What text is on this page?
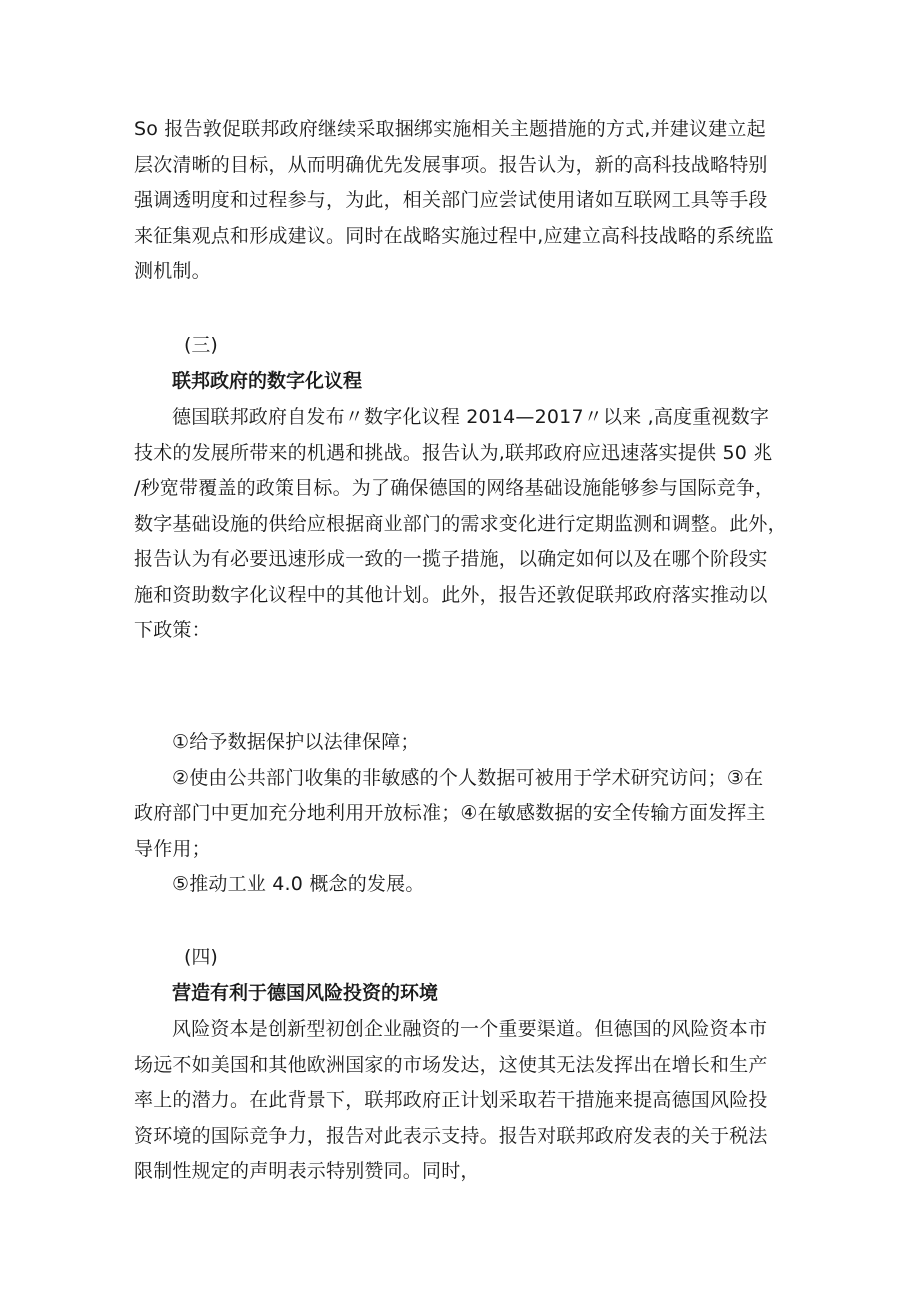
So 报告敦促联邦政府继续采取捆绑实施相关主题措施的方式,并建议建立起
层次清晰的目标，从而明确优先发展事项。报告认为，新的高科技战略特别
强调透明度和过程参与，为此，相关部门应尝试使用诸如互联网工具等手段
来征集观点和形成建议。同时在战略实施过程中,应建立高科技战略的系统监
测机制。

(三)

联邦政府的数字化议程

德国联邦政府自发布〃数字化议程 2014—2017〃以来 ,高度重视数字
技术的发展所带来的机遇和挑战。报告认为,联邦政府应迅速落实提供 50 兆
/秒宽带覆盖的政策目标。为了确保德国的网络基础设施能够参与国际竞争，
数字基础设施的供给应根据商业部门的需求变化进行定期监测和调整。此外，
报告认为有必要迅速形成一致的一揽子措施，以确定如何以及在哪个阶段实
施和资助数字化议程中的其他计划。此外，报告还敦促联邦政府落实推动以
下政策：
①给予数据保护以法律保障；
②使由公共部门收集的非敏感的个人数据可被用于学术研究访问；③在
政府部门中更加充分地利用开放标准；④在敏感数据的安全传输方面发挥主
导作用；
⑤推动工业 4.0 概念的发展。

(四)

营造有利于德国风险投资的环境

风险资本是创新型初创企业融资的一个重要渠道。但德国的风险资本市
场远不如美国和其他欧洲国家的市场发达，这使其无法发挥出在增长和生产
率上的潜力。在此背景下，联邦政府正计划采取若干措施来提高德国风险投
资环境的国际竞争力，报告对此表示支持。报告对联邦政府发表的关于税法
限制性规定的声明表示特别赞同。同时，
